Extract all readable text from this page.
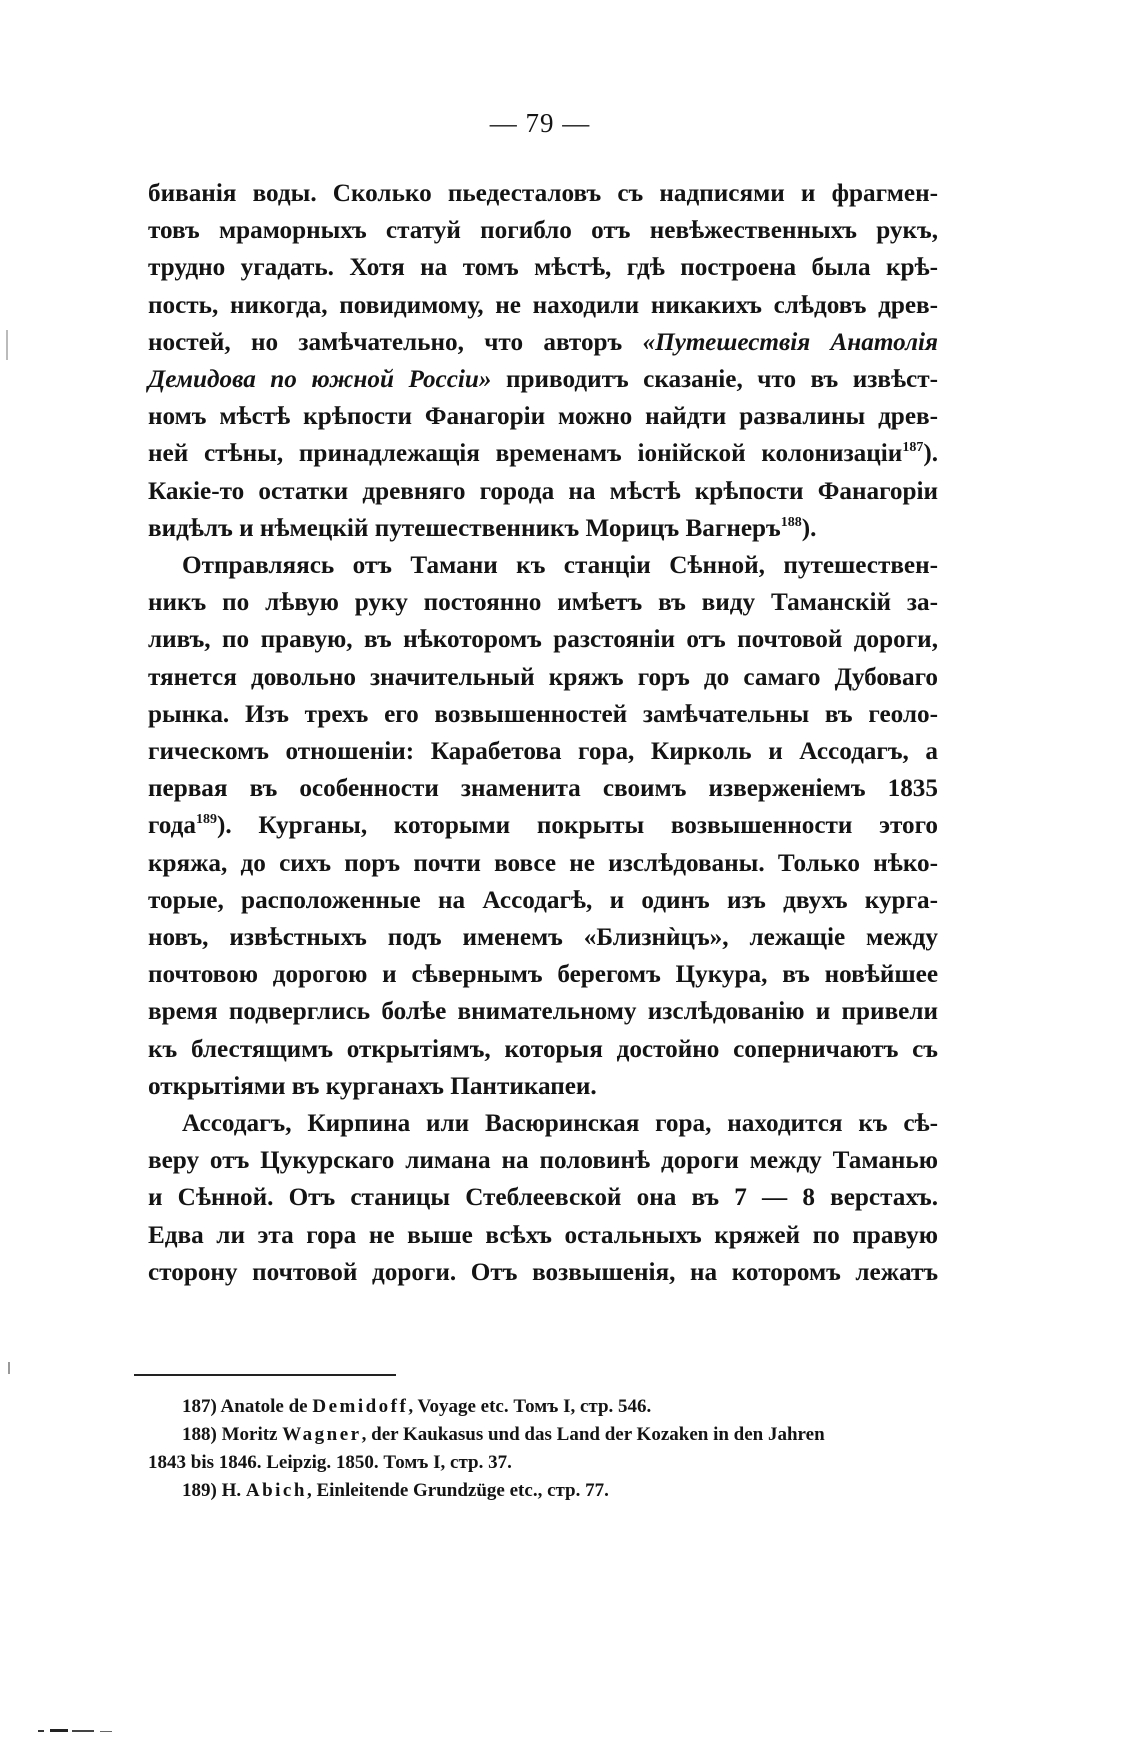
— 79 —
биванія воды. Сколько пьедесталовъ съ надписями и фрагмен-
товъ мраморныхъ статуй погибло отъ невѣжественныхъ рукъ,
трудно угадать. Хотя на томъ мѣстѣ, гдѣ построена была крѣ-
пость, никогда, повидимому, не находили никакихъ слѣдовъ древ-
ностей, но замѣчательно, что авторъ «Путешествія Анатолія
Демидова по южной Россіи» приводитъ сказаніе, что въ извѣст-
номъ мѣстѣ крѣпости Фанагоріи можно найдти развалины древ-
ней стѣны, принадлежащія временамъ іонійской колонизаціи$^{187}$).
Какіе-то остатки древняго города на мѣстѣ крѣпости Фанагоріи
видѣлъ и нѣмецкій путешественникъ Морицъ Вагнеръ$^{188}$).
Отправляясь отъ Тамани къ станціи Сѣнной, путешествен-
никъ по лѣвую руку постоянно имѣетъ въ виду Таманскій за-
ливъ, по правую, въ нѣкоторомъ разстояніи отъ почтовой дороги,
тянется довольно значительный кряжъ горъ до самаго Дубоваго
рынка. Изъ трехъ его возвышенностей замѣчательны въ геоло-
гическомъ отношеніи: Карабетова гора, Кирколь и Ассодагъ, а
первая въ особенности знаменита своимъ изверженіемъ 1835
года$^{189}$). Курганы, которыми покрыты возвышенности этого
кряжа, до сихъ поръ почти вовсе не изслѣдованы. Только нѣко-
торые, расположенные на Ассодагѣ, и одинъ изъ двухъ курга-
новъ, извѣстныхъ подъ именемъ «Близнѝцъ», лежащіе между
почтовою дорогою и сѣвернымъ берегомъ Цукура, въ новѣйшее
время подверглись болѣе внимательному изслѣдованію и привели
къ блестящимъ открытіямъ, которыя достойно соперничаютъ съ
открытіями въ курганахъ Пантикапеи.
Ассодагъ, Кирпина или Васюринская гора, находится къ сѣ-
веру отъ Цукурскаго лимана на половинѣ дороги между Таманью
и Сѣнной. Отъ станицы Стеблеевской она въ 7 — 8 верстахъ.
Едва ли эта гора не выше всѣхъ остальныхъ кряжей по правую
сторону почтовой дороги. Отъ возвышенія, на которомъ лежатъ
187) Anatole de Demidoff, Voyage etc. Томъ I, стр. 546.
188) Moritz Wagner, der Kaukasus und das Land der Kozaken in den Jahren
1843 bis 1846. Leipzig. 1850. Томъ I, стр. 37.
189) H. Abich, Einleitende Grundzüge etc., стр. 77.
